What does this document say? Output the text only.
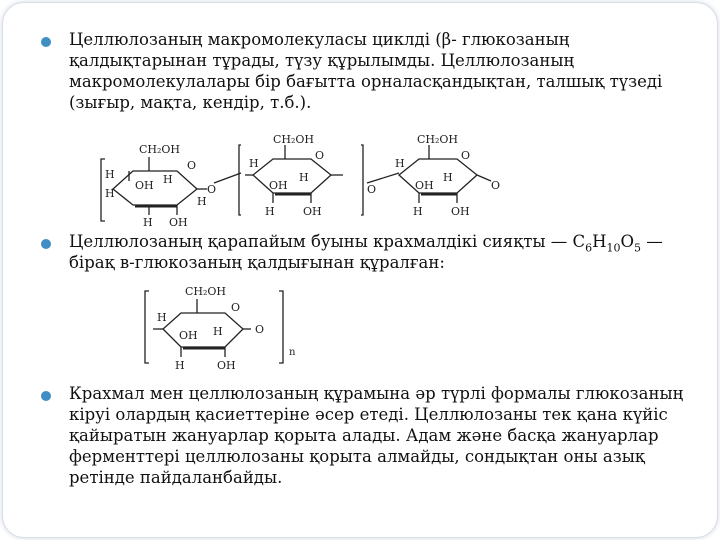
Целлюлозаның макромолекуласы циклді (β- глюкозаның қалдықтарынан тұрады, түзу құрылымды. Целлюлозаның макромолекулалары бір бағытта орналасқандықтан, талшық түзеді (зығыр, мақта, кендір, т.б.).

CH₂OH
O
H
H
OH H
H
H OH
O
CH₂OH
O
H
OH
H
H	OH
O
CH₂OH
O
H
OH
H
H	OH
O

Целлюлозаның қарапайым буыны крахмалдікі сияқты — $C_6H_{10}O_5$ — бірақ в-глюкозаның қалдығынан құралған:

CH₂OH
O
H
OH H
H	OH
O
n

Крахмал мен целлюлозаның құрамына әр түрлі формалы глюкозаның кіруі олардың қасиеттеріне әсер етеді. Целлюлозаны тек қана күйіс қайыратын жануарлар қорыта алады. Адам және басқа жануарлар ферменттері целлюлозаны қорыта алмайды, сондықтан оны азық ретінде пайдаланбайды.
